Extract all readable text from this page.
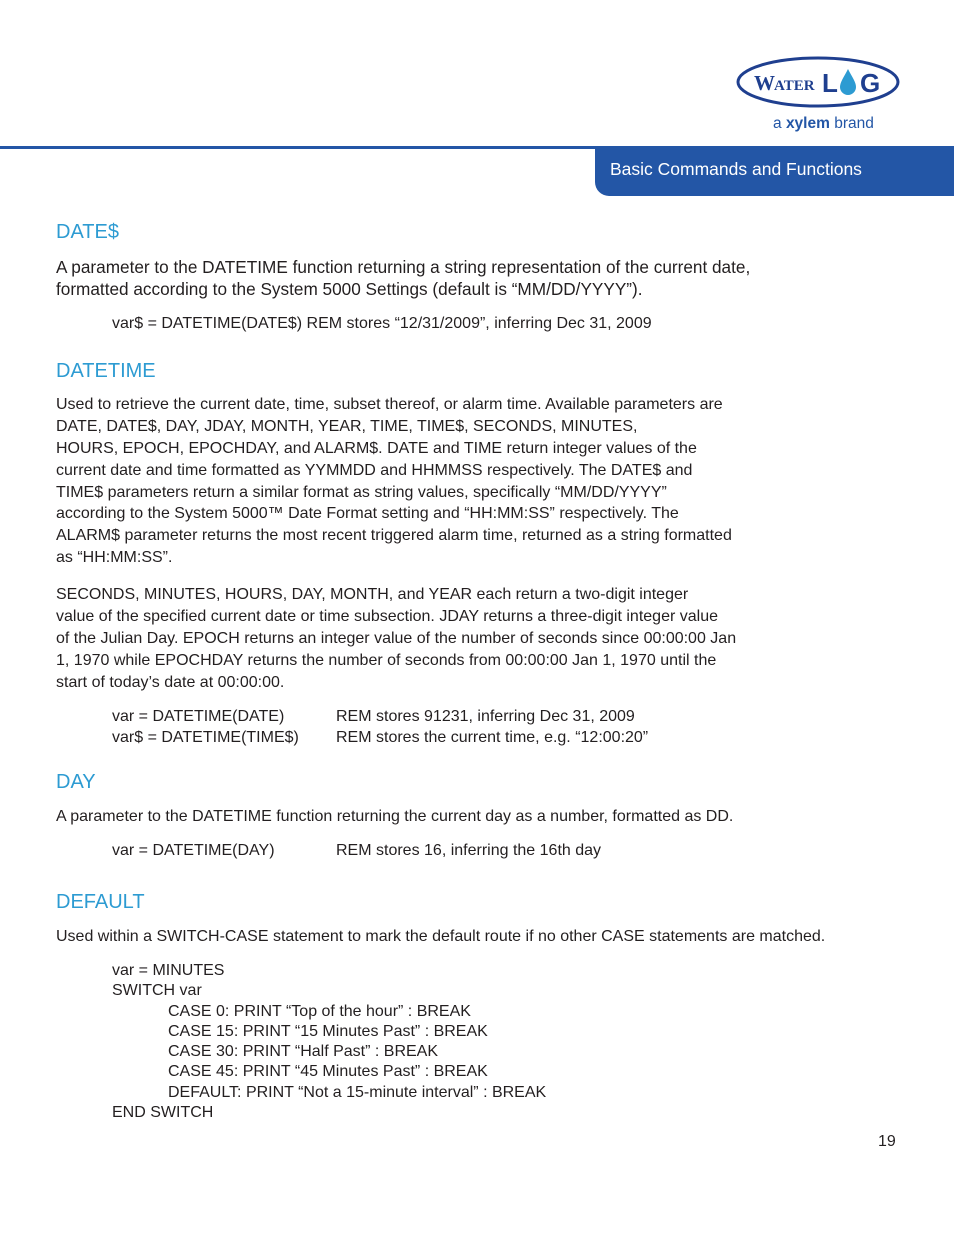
W ATER L G
a xylem brand
Basic Commands and Functions
DATE$
A parameter to the DATETIME function returning a string representation of the current date,
formatted according to the System 5000 Settings (default is “MM/DD/YYYY”).
var$ = DATETIME(DATE$) REM stores “12/31/2009”, inferring Dec 31, 2009
DATETIME
Used to retrieve the current date, time, subset thereof, or alarm time. Available parameters are
DATE, DATE$, DAY, JDAY, MONTH, YEAR, TIME, TIME$, SECONDS, MINUTES,
HOURS, EPOCH, EPOCHDAY, and ALARM$. DATE and TIME return integer values of the
current date and time formatted as YYMMDD and HHMMSS respectively. The DATE$ and
TIME$ parameters return a similar format as string values, specifically “MM/DD/YYYY”
according to the System 5000™ Date Format setting and “HH:MM:SS” respectively. The
ALARM$ parameter returns the most recent triggered alarm time, returned as a string formatted
as “HH:MM:SS”.
SECONDS, MINUTES, HOURS, DAY, MONTH, and YEAR each return a two-digit integer
value of the specified current date or time subsection. JDAY returns a three-digit integer value
of the Julian Day. EPOCH returns an integer value of the number of seconds since 00:00:00 Jan
1, 1970 while EPOCHDAY returns the number of seconds from 00:00:00 Jan 1, 1970 until the
start of today’s date at 00:00:00.
var = DATETIME(DATE)	REM stores 91231, inferring Dec 31, 2009
var$ = DATETIME(TIME$) REM stores the current time, e.g. “12:00:20”
DAY
A parameter to the DATETIME function returning the current day as a number, formatted as DD.
var = DATETIME(DAY)	REM stores 16, inferring the 16th day
DEFAULT
Used within a SWITCH-CASE statement to mark the default route if no other CASE statements are matched.
var = MINUTES
SWITCH var
CASE 0: PRINT “Top of the hour” : BREAK
CASE 15: PRINT “15 Minutes Past” : BREAK
CASE 30: PRINT “Half Past” : BREAK
CASE 45: PRINT “45 Minutes Past” : BREAK
DEFAULT: PRINT “Not a 15-minute interval” : BREAK
END SWITCH
19
